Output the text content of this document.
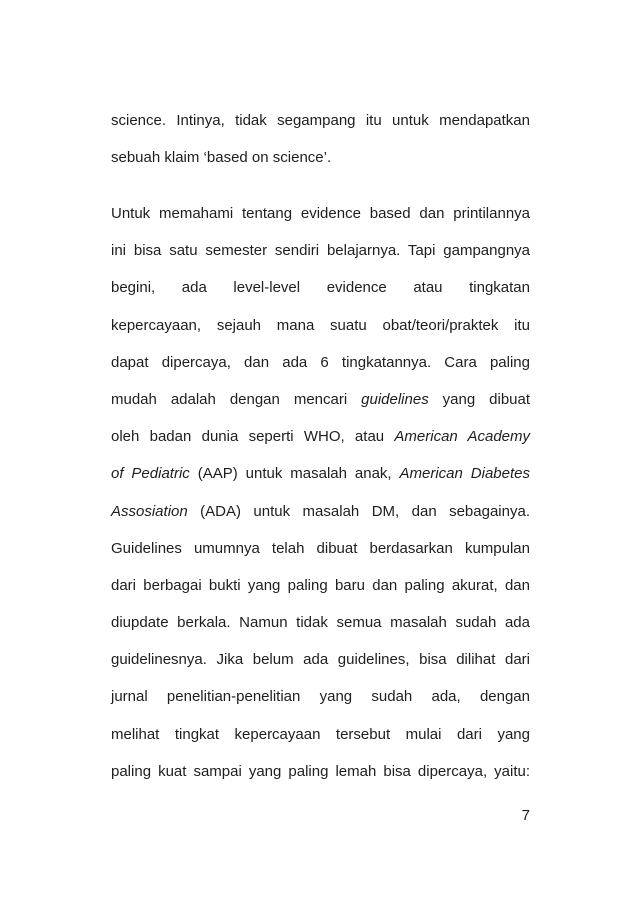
science. Intinya, tidak segampang itu untuk mendapatkan
sebuah klaim ‘based on science’.
Untuk memahami tentang evidence based dan printilannya
ini bisa satu semester sendiri belajarnya. Tapi gampangnya
begini, ada level-level evidence atau tingkatan
kepercayaan, sejauh mana suatu obat/teori/praktek itu
dapat dipercaya, dan ada 6 tingkatannya. Cara paling
mudah adalah dengan mencari guidelines yang dibuat
oleh badan dunia seperti WHO, atau American Academy
of Pediatric (AAP) untuk masalah anak, American Diabetes
Assosiation (ADA) untuk masalah DM, dan sebagainya.
Guidelines umumnya telah dibuat berdasarkan kumpulan
dari berbagai bukti yang paling baru dan paling akurat, dan
diupdate berkala. Namun tidak semua masalah sudah ada
guidelinesnya. Jika belum ada guidelines, bisa dilihat dari
jurnal penelitian-penelitian yang sudah ada, dengan
melihat tingkat kepercayaan tersebut mulai dari yang
paling kuat sampai yang paling lemah bisa dipercaya, yaitu:
7
